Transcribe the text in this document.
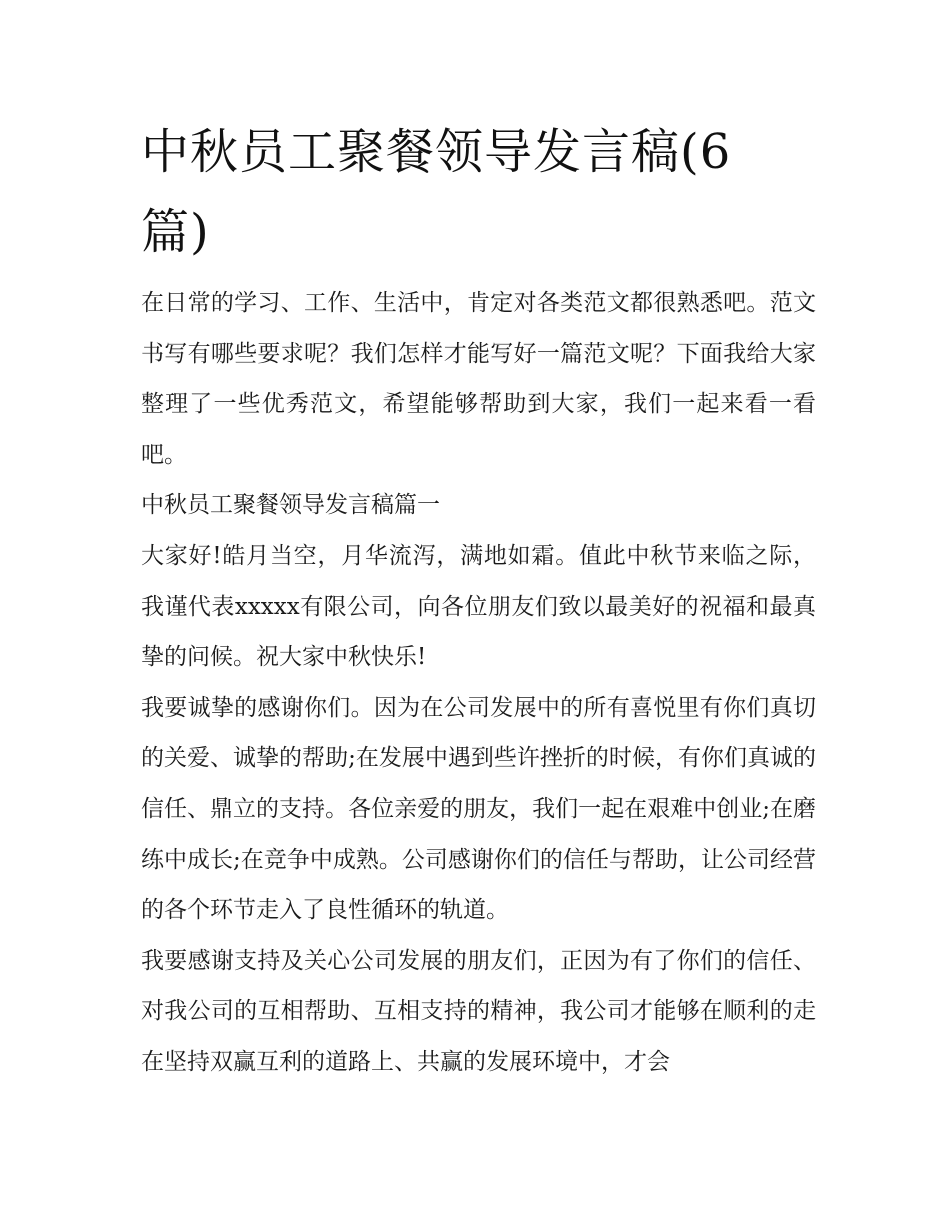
中秋员工聚餐领导发言稿(6篇)

在日常的学习、工作、生活中，肯定对各类范文都很熟悉吧。范文书写有哪些要求呢？我们怎样才能写好一篇范文呢？下面我给大家整理了一些优秀范文，希望能够帮助到大家，我们一起来看一看吧。

中秋员工聚餐领导发言稿篇一

大家好!皓月当空，月华流泻，满地如霜。值此中秋节来临之际，我谨代表xxxxx有限公司，向各位朋友们致以最美好的祝福和最真挚的问候。祝大家中秋快乐!

我要诚挚的感谢你们。因为在公司发展中的所有喜悦里有你们真切的关爱、诚挚的帮助;在发展中遇到些许挫折的时候，有你们真诚的信任、鼎立的支持。各位亲爱的朋友，我们一起在艰难中创业;在磨练中成长;在竞争中成熟。公司感谢你们的信任与帮助，让公司经营的各个环节走入了良性循环的轨道。

我要感谢支持及关心公司发展的朋友们，正因为有了你们的信任、对我公司的互相帮助、互相支持的精神，我公司才能够在顺利的走在坚持双赢互利的道路上、共赢的发展环境中，才会
